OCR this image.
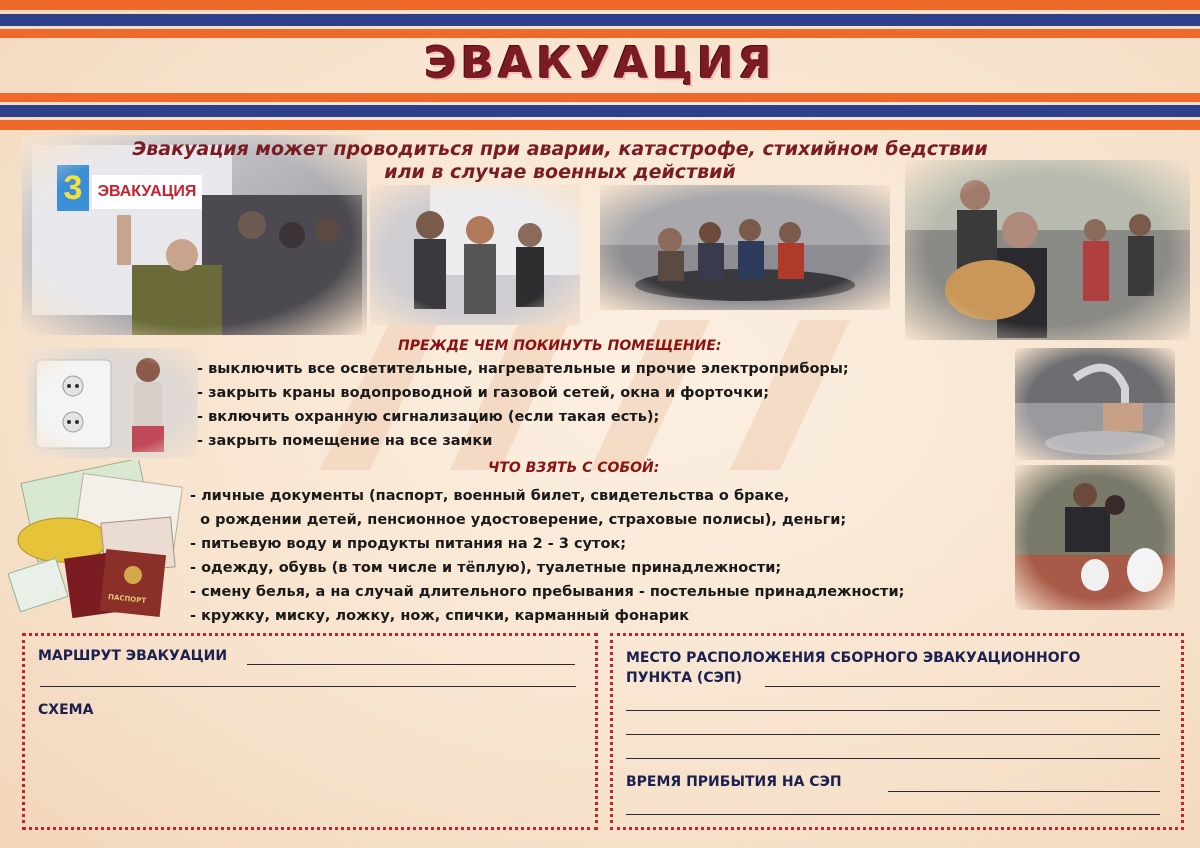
ЭВАКУАЦИЯ
Эвакуация может проводиться при аварии, катастрофе, стихийном бедствии
или в случае военных действий
ПАСПОРТ
ПРЕЖДЕ ЧЕМ ПОКИНУТЬ ПОМЕЩЕНИЕ:
- выключить все осветительные, нагревательные и прочие электроприборы;
- закрыть краны водопроводной и газовой сетей, окна и форточки;
- включить охранную сигнализацию (если такая есть);
- закрыть помещение на все замки
ЧТО ВЗЯТЬ С СОБОЙ:
- личные документы (паспорт, военный билет, свидетельства о браке,
о рождении детей, пенсионное удостоверение, страховые полисы), деньги;
- питьевую воду и продукты питания на 2 - 3 суток;
- одежду, обувь (в том числе и тёплую), туалетные принадлежности;
- смену белья, а на случай длительного пребывания - постельные принадлежности;
- кружку, миску, ложку, нож, спички, карманный фонарик
МАРШРУТ ЭВАКУАЦИИ
СХЕМА
МЕСТО РАСПОЛОЖЕНИЯ СБОРНОГО ЭВАКУАЦИОННОГО
ПУНКТА (СЭП)
ВРЕМЯ ПРИБЫТИЯ НА СЭП
